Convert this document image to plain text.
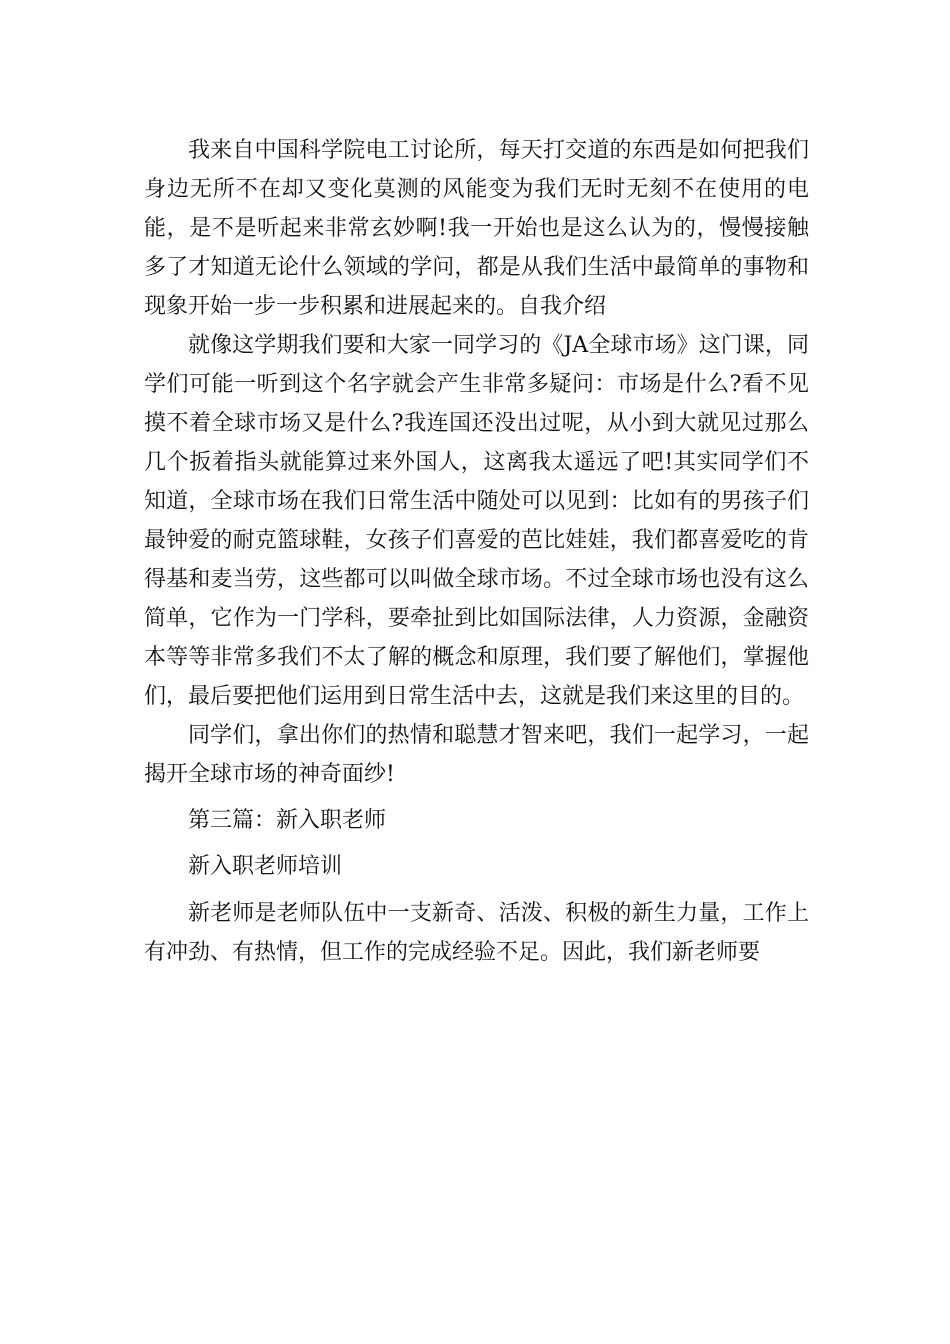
我来自中国科学院电工讨论所，每天打交道的东西是如何把我们身边无所不在却又变化莫测的风能变为我们无时无刻不在使用的电能，是不是听起来非常玄妙啊!我一开始也是这么认为的，慢慢接触多了才知道无论什么领域的学问，都是从我们生活中最简单的事物和现象开始一步一步积累和进展起来的。自我介绍

就像这学期我们要和大家一同学习的《JA全球市场》这门课，同学们可能一听到这个名字就会产生非常多疑问：市场是什么?看不见摸不着全球市场又是什么?我连国还没出过呢，从小到大就见过那么几个扳着指头就能算过来外国人，这离我太遥远了吧!其实同学们不知道，全球市场在我们日常生活中随处可以见到：比如有的男孩子们最钟爱的耐克篮球鞋，女孩子们喜爱的芭比娃娃，我们都喜爱吃的肯得基和麦当劳，这些都可以叫做全球市场。不过全球市场也没有这么简单，它作为一门学科，要牵扯到比如国际法律，人力资源，金融资本等等非常多我们不太了解的概念和原理，我们要了解他们，掌握他们，最后要把他们运用到日常生活中去，这就是我们来这里的目的。

同学们，拿出你们的热情和聪慧才智来吧，我们一起学习，一起揭开全球市场的神奇面纱!

第三篇：新入职老师

新入职老师培训

新老师是老师队伍中一支新奇、活泼、积极的新生力量，工作上有冲劲、有热情，但工作的完成经验不足。因此，我们新老师要
